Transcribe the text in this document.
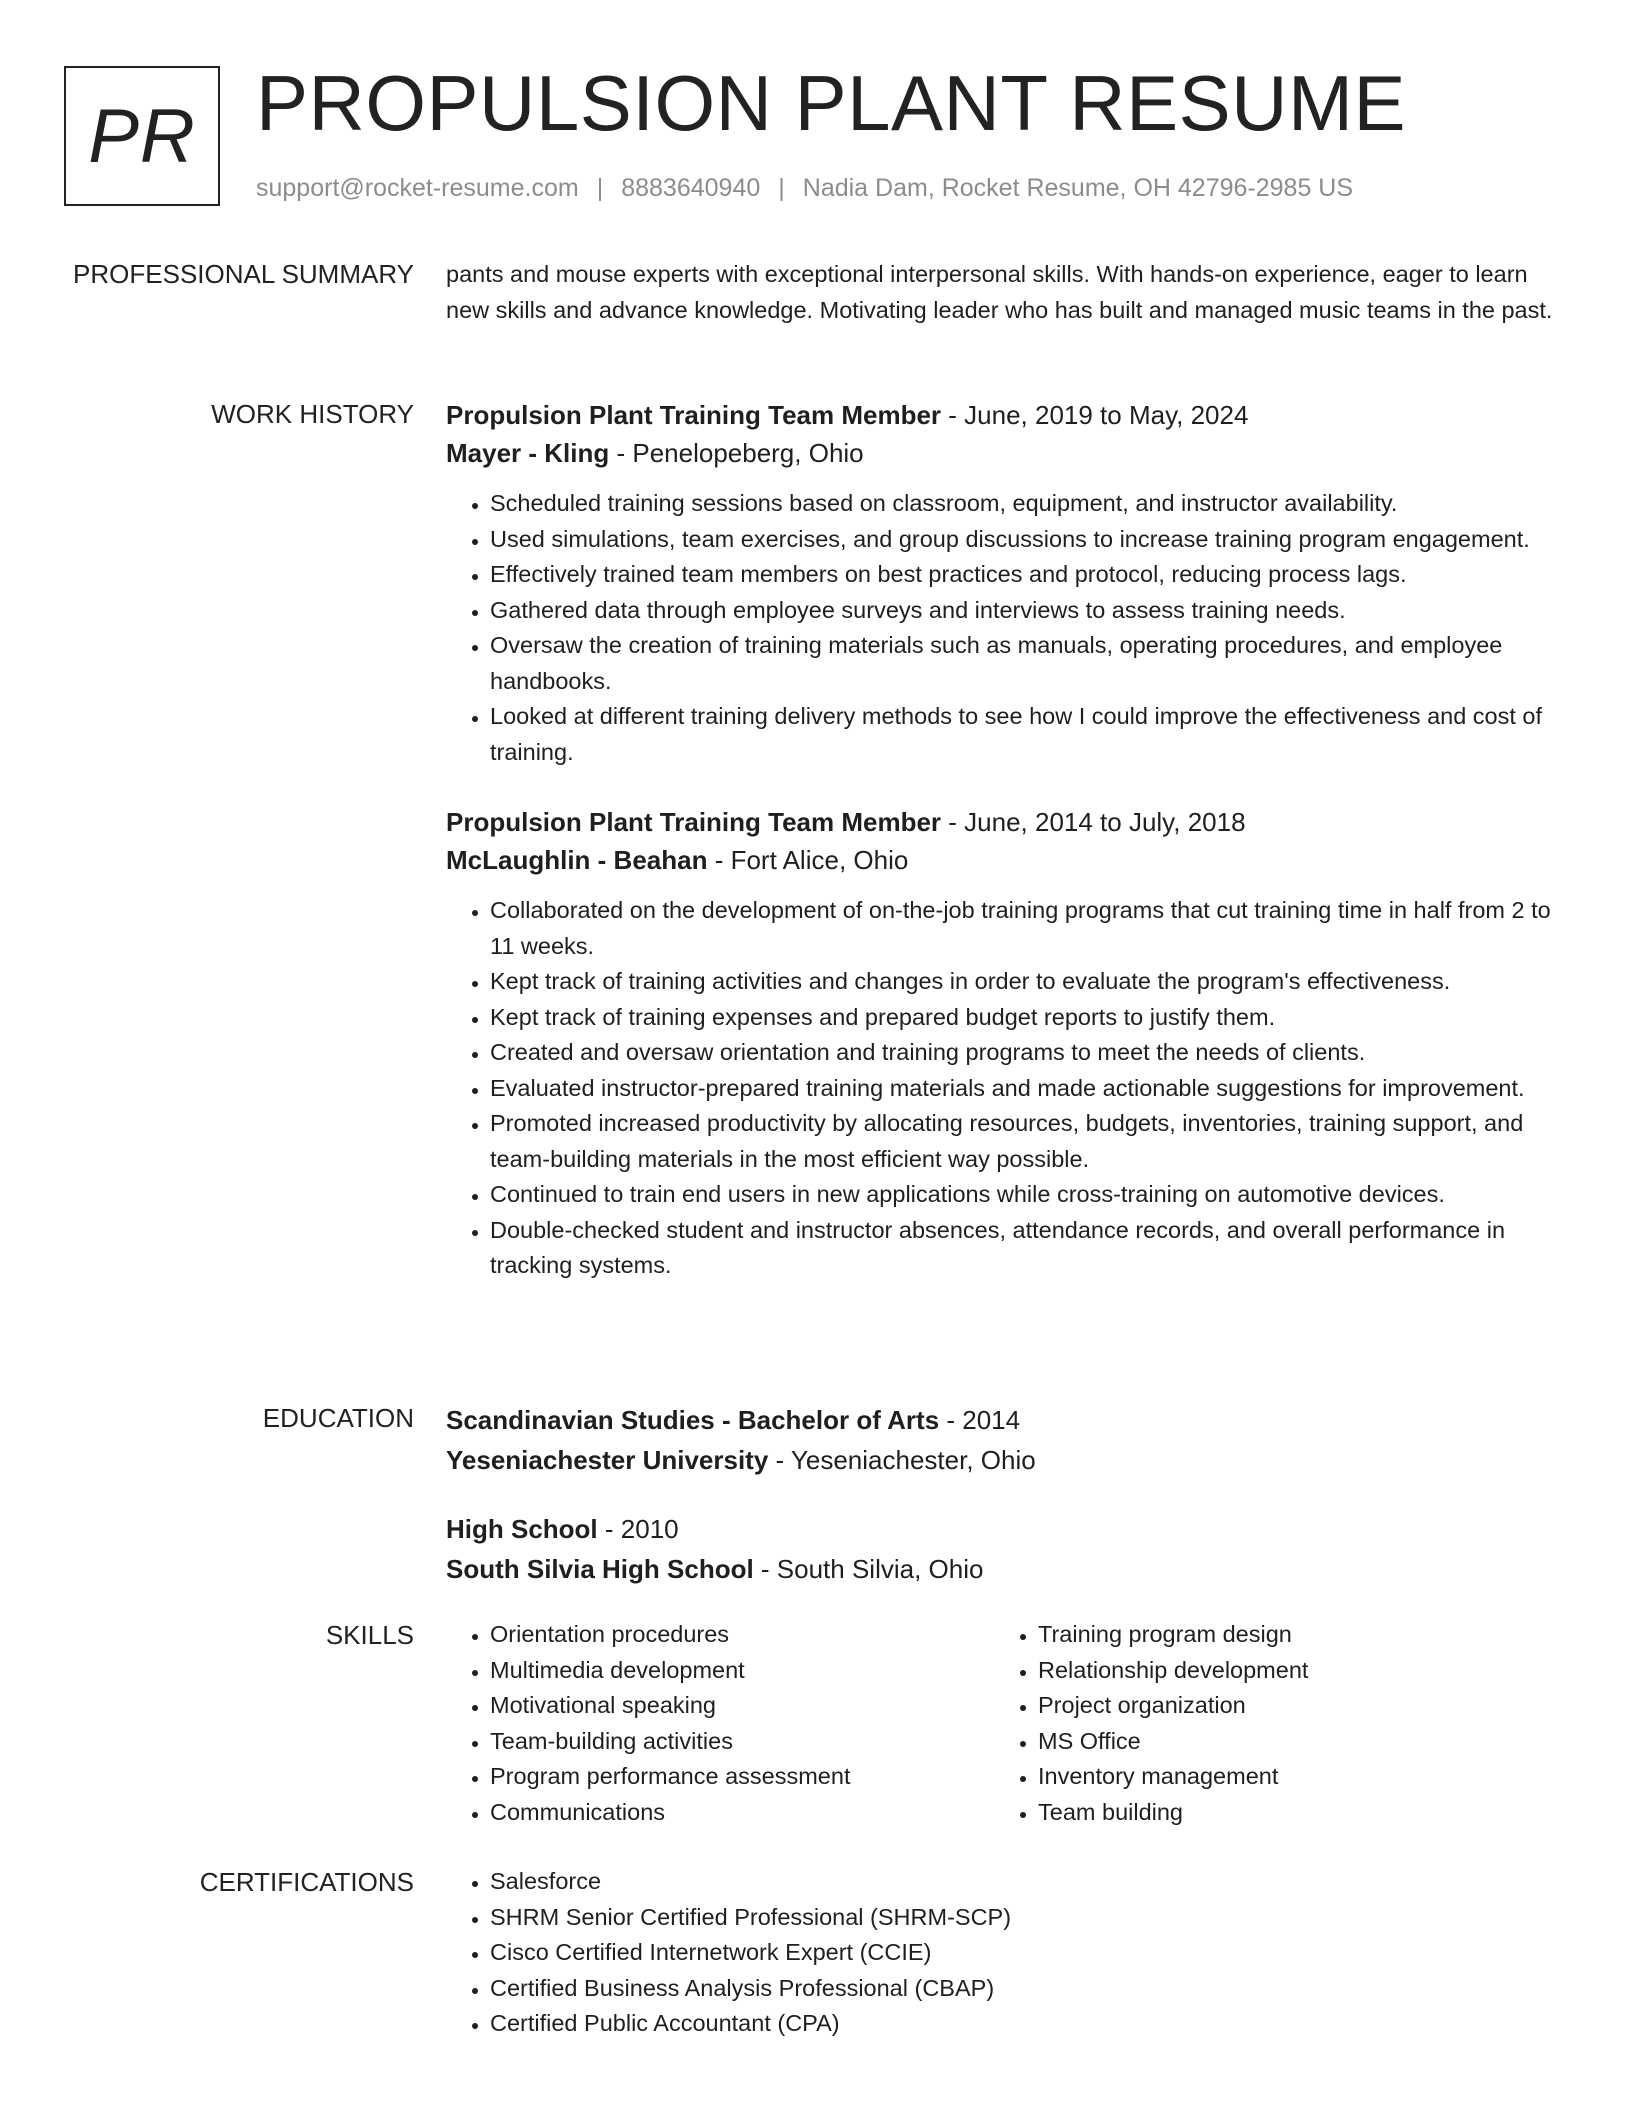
PR PROPULSION PLANT RESUME
support@rocket-resume.com | 8883640940 | Nadia Dam, Rocket Resume, OH 42796-2985 US
PROFESSIONAL SUMMARY pants and mouse experts with exceptional interpersonal skills. With hands-on experience, eager to learn new skills and advance knowledge. Motivating leader who has built and managed music teams in the past.

WORK HISTORY Propulsion Plant Training Team Member - June, 2019 to May, 2024

Mayer - Kling - Penelopeberg, Ohio

• Scheduled training sessions based on classroom, equipment, and instructor availability.
• Used simulations, team exercises, and group discussions to increase training program engagement.
• Effectively trained team members on best practices and protocol, reducing process lags.
• Gathered data through employee surveys and interviews to assess training needs.
• Oversaw the creation of training materials such as manuals, operating procedures, and employee handbooks.
• Looked at different training delivery methods to see how I could improve the effectiveness and cost of training.

Propulsion Plant Training Team Member - June, 2014 to July, 2018

McLaughlin - Beahan - Fort Alice, Ohio

• Collaborated on the development of on-the-job training programs that cut training time in half from 2 to 11 weeks.
• Kept track of training activities and changes in order to evaluate the program's effectiveness.
• Kept track of training expenses and prepared budget reports to justify them.
• Created and oversaw orientation and training programs to meet the needs of clients.
• Evaluated instructor-prepared training materials and made actionable suggestions for improvement.
• Promoted increased productivity by allocating resources, budgets, inventories, training support, and team-building materials in the most efficient way possible.
• Continued to train end users in new applications while cross-training on automotive devices.
• Double-checked student and instructor absences, attendance records, and overall performance in tracking systems.
EDUCATION Scandinavian Studies - Bachelor of Arts - 2014

Yeseniachester University - Yeseniachester, Ohio

High School - 2010

South Silvia High School - South Silvia, Ohio

SKILLS	• Orientation procedures
• Multimedia development
• Motivational speaking
• Team-building activities
• Program performance assessment
• Communications
• Training program design
• Relationship development
• Project organization
• MS Office
• Inventory management
• Team building
CERTIFICATIONS	• Salesforce
• SHRM Senior Certified Professional (SHRM-SCP)
• Cisco Certified Internetwork Expert (CCIE)
• Certified Business Analysis Professional (CBAP)
• Certified Public Accountant (CPA)
